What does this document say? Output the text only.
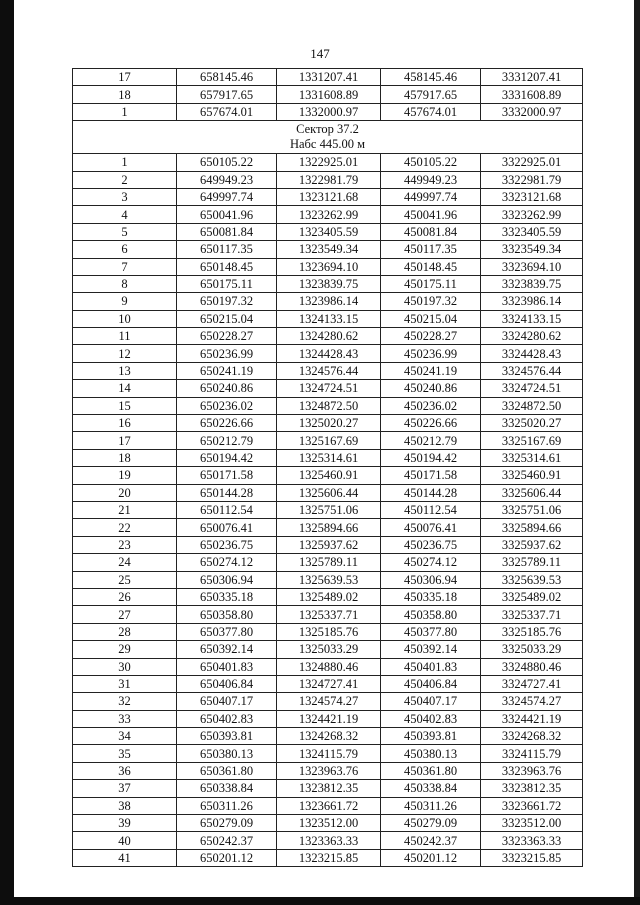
147
17	658145.46	1331207.41	458145.46	3331207.41
18	657917.65	1331608.89	457917.65	3331608.89
1	657674.01	1332000.97	457674.01	3332000.97

Сектор 37.2
Набс 445.00 м				

1	650105.22	1322925.01	450105.22	3322925.01
2	649949.23	1322981.79	449949.23	3322981.79
3	649997.74	1323121.68	449997.74	3323121.68
4	650041.96	1323262.99	450041.96	3323262.99
5	650081.84	1323405.59	450081.84	3323405.59
6	650117.35	1323549.34	450117.35	3323549.34
7	650148.45	1323694.10	450148.45	3323694.10
8	650175.11	1323839.75	450175.11	3323839.75
9	650197.32	1323986.14	450197.32	3323986.14
10	650215.04	1324133.15	450215.04	3324133.15
11	650228.27	1324280.62	450228.27	3324280.62
12	650236.99	1324428.43	450236.99	3324428.43
13	650241.19	1324576.44	450241.19	3324576.44
14	650240.86	1324724.51	450240.86	3324724.51
15	650236.02	1324872.50	450236.02	3324872.50
16	650226.66	1325020.27	450226.66	3325020.27
17	650212.79	1325167.69	450212.79	3325167.69
18	650194.42	1325314.61	450194.42	3325314.61
19	650171.58	1325460.91	450171.58	3325460.91
20	650144.28	1325606.44	450144.28	3325606.44
21	650112.54	1325751.06	450112.54	3325751.06
22	650076.41	1325894.66	450076.41	3325894.66
23	650236.75	1325937.62	450236.75	3325937.62
24	650274.12	1325789.11	450274.12	3325789.11
25	650306.94	1325639.53	450306.94	3325639.53
26	650335.18	1325489.02	450335.18	3325489.02
27	650358.80	1325337.71	450358.80	3325337.71
28	650377.80	1325185.76	450377.80	3325185.76
29	650392.14	1325033.29	450392.14	3325033.29
30	650401.83	1324880.46	450401.83	3324880.46
31	650406.84	1324727.41	450406.84	3324727.41
32	650407.17	1324574.27	450407.17	3324574.27
33	650402.83	1324421.19	450402.83	3324421.19
34	650393.81	1324268.32	450393.81	3324268.32
35	650380.13	1324115.79	450380.13	3324115.79
36	650361.80	1323963.76	450361.80	3323963.76
37	650338.84	1323812.35	450338.84	3323812.35
38	650311.26	1323661.72	450311.26	3323661.72
39	650279.09	1323512.00	450279.09	3323512.00
40	650242.37	1323363.33	450242.37	3323363.33
41	650201.12	1323215.85	450201.12	3323215.85
